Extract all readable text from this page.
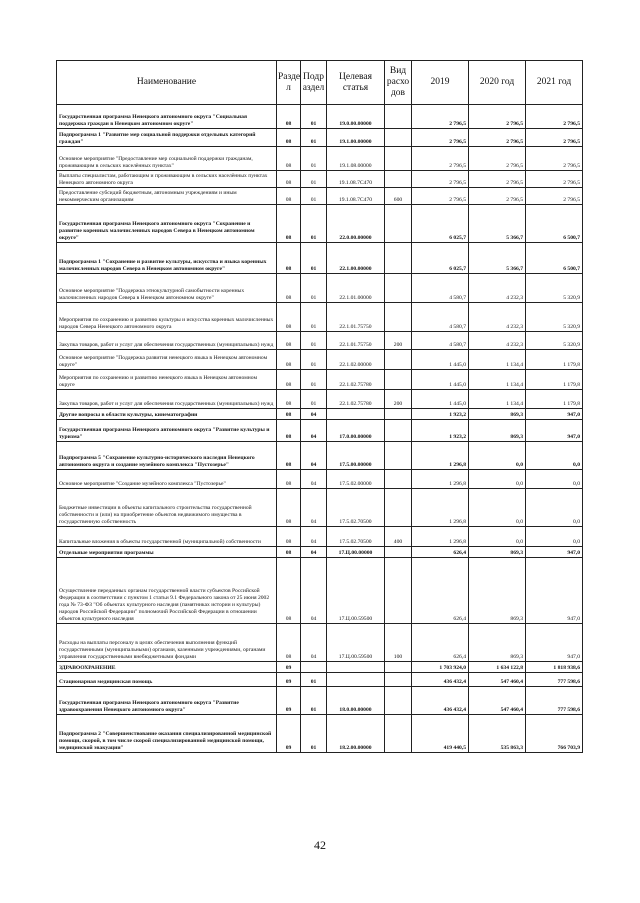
Наименование	Разде л	Подр аздел	Целевая статья	Вид расхо дов	2019	2020 год	2021 год
Государственная программа Ненецкого автономного округа "Социальная поддержка граждан в Ненецком автономном округе"	08	01	19.0.00.00000		2 796,5	2 796,5	2 796,5
Подпрограмма 1 "Развитие мер социальной поддержки отдельных категорий граждан"	08	01	19.1.00.00000		2 796,5	2 796,5	2 796,5
Основное мероприятие "Предоставление мер социальной поддержки гражданам, проживающим в сельских населённых пунктах"	08	01	19.1.08.00000		2 796,5	2 796,5	2 796,5
Выплаты специалистам, работающим и проживающим в сельских населённых пунктах Ненецкого автономного округа	08	01	19.1.08.7С470		2 796,5	2 796,5	2 796,5
Предоставление субсидий бюджетным, автономным учреждениям и иным некоммерческим организациям	08	01	19.1.08.7С470	600	2 796,5	2 796,5	2 796,5
Государственная программа Ненецкого автономного округа "Сохранение и развитие коренных малочисленных народов Севера в Ненецком автономном округе"	08	01	22.0.00.00000		6 025,7	5 366,7	6 500,7
Подпрограмма 1 "Сохранение и развитие культуры, искусства и языка коренных малочисленных народов Севера в Ненецком автономном округе"	08	01	22.1.00.00000		6 025,7	5 366,7	6 500,7
Основное мероприятие "Поддержка этнокультурной самобытности коренных малочисленных народов Севера в Ненецком автономном округе"	08	01	22.1.01.00000		4 580,7	4 232,3	5 320,9
Мероприятия по сохранению и развитию культуры и искусства коренных малочисленных народов Севера Ненецкого автономного округа	08	01	22.1.01.75750		4 580,7	4 232,3	5 320,9
Закупка товаров, работ и услуг для обеспечения государственных (муниципальных) нужд	08	01	22.1.01.75750	200	4 580,7	4 232,3	5 320,9
Основное мероприятие "Поддержка развития ненецкого языка в Ненецком автономном округе"	08	01	22.1.02.00000		1 445,0	1 134,4	1 179,8
Мероприятия по сохранению и развитию ненецкого языка в Ненецком автономном округе	08	01	22.1.02.75780		1 445,0	1 134,4	1 179,8
Закупка товаров, работ и услуг для обеспечения государственных (муниципальных) нужд	08	01	22.1.02.75780	200	1 445,0	1 134,4	1 179,8
Другие вопросы в области культуры, кинематографии	08	04			1 923,2	869,3	947,0
Государственная программа Ненецкого автономного округа "Развитие культуры и туризма"	08	04	17.0.00.00000		1 923,2	869,3	947,0
Подпрограмма 5 "Сохранение культурно-исторического наследия Ненецкого автономного округа и создание музейного комплекса "Пустозерье"	08	04	17.5.00.00000		1 296,8	0,0	0,0
Основное мероприятие "Создание музейного комплекса "Пустозерье"	08	04	17.5.02.00000		1 296,8	0,0	0,0
Бюджетные инвестиции в объекты капитального строительства государственной собственности и (или) на приобретение объектов недвижимого имущества в государственную собственность	08	04	17.5.02.70500		1 296,8	0,0	0,0
Капитальные вложения в объекты государственной (муниципальной) собственности	08	04	17.5.02.70500	400	1 296,8	0,0	0,0
Отдельные мероприятия программы	08	04	17.Ц.00.00000		626,4	869,3	947,0
Осуществление переданных органам государственной власти субъектов Российской Федерации в соответствии с пунктом 1 статьи 9.1 Федерального закона от 25 июня 2002 года № 73-ФЗ "Об объектах культурного наследия (памятниках истории и культуры) народов Российской Федерации" полномочий Российской Федерации в отношении объектов культурного наследия	08	04	17.Ц.00.59500		626,4	869,3	947,0
Расходы на выплаты персоналу в целях обеспечения выполнения функций государственными (муниципальными) органами, казенными учреждениями, органами управления государственными внебюджетными фондами	08	04	17.Ц.00.59500	100	626,4	869,3	947,0
ЗДРАВООХРАНЕНИЕ	09				1 703 924,0	1 634 122,8	1 818 938,6
Стационарная медицинская помощь	09	01			436 432,4	547 460,4	777 598,6
Государственная программа Ненецкого автономного округа "Развитие здравоохранения Ненецкого автономного округа"	09	01	18.0.00.00000		436 432,4	547 460,4	777 598,6
Подпрограмма 2 "Совершенствование оказания специализированной медицинской помощи, скорой, в том числе скорой специализированной медицинской помощи, медицинской эвакуации"	09	01	18.2.00.00000		419 440,5	535 863,3	766 703,9
42
